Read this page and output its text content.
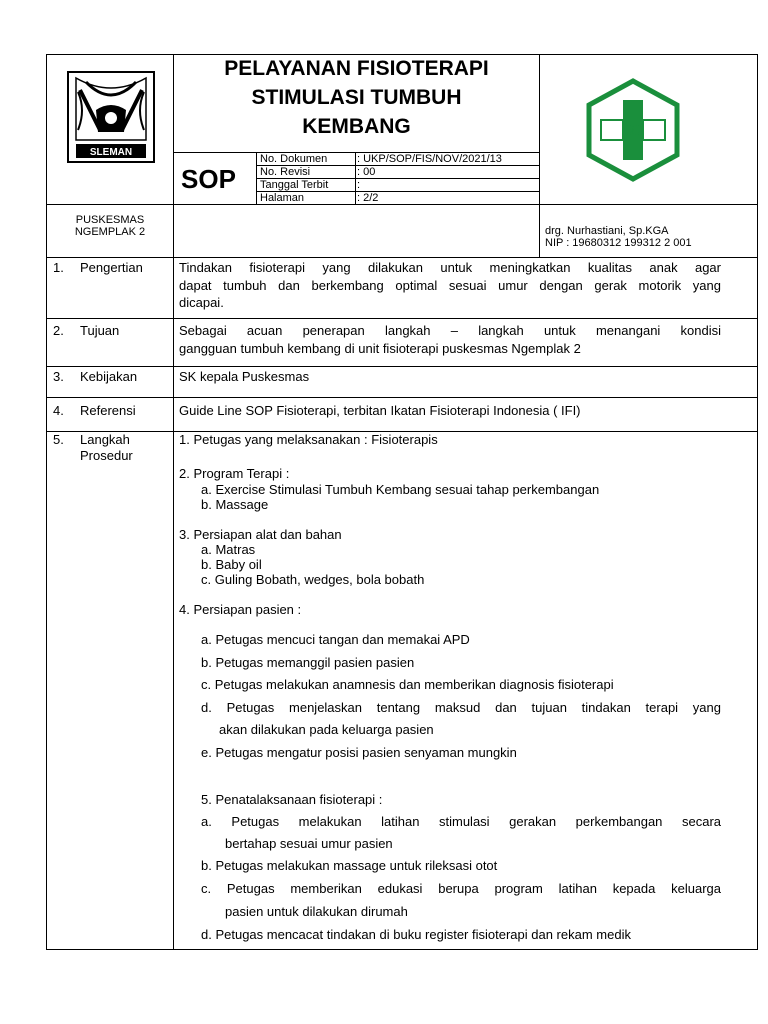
SLEMAN
PELAYANAN FISIOTERAPI
STIMULASI TUMBUH
KEMBANG
SOP
No. Dokumen	: UKP/SOP/FIS/NOV/2021/13
No. Revisi	: 00
Tanggal Terbit	:
Halaman	: 2/2
PUSKESMAS
NGEMPLAK 2	drg. Nurhastiani, Sp.KGA
NIP : 19680312 199312 2 001
1. Pengertian	Tindakan fisioterapi yang dilakukan untuk meningkatkan kualitas anak agar
dapat tumbuh dan berkembang optimal sesuai umur dengan gerak motorik yang
dicapai.
2. Tujuan	Sebagai acuan penerapan langkah – langkah untuk menangani kondisi
gangguan tumbuh kembang di unit fisioterapi puskesmas Ngemplak 2
3. Kebijakan	SK kepala Puskesmas
4. Referensi	Guide Line SOP Fisioterapi, terbitan Ikatan Fisioterapi Indonesia ( IFI)
5. Langkah
Prosedur
1. Petugas yang melaksanakan : Fisioterapis
2. Program Terapi :
a. Exercise Stimulasi Tumbuh Kembang sesuai tahap perkembangan
b. Massage
3. Persiapan alat dan bahan
a. Matras
b. Baby oil
c. Guling Bobath, wedges, bola bobath
4. Persiapan pasien :
a. Petugas mencuci tangan dan memakai APD
b. Petugas memanggil pasien pasien
c. Petugas melakukan anamnesis dan memberikan diagnosis fisioterapi
d. Petugas menjelaskan tentang maksud dan tujuan tindakan terapi yang
akan dilakukan pada keluarga pasien
e. Petugas mengatur posisi pasien senyaman mungkin
5. Penatalaksanaan fisioterapi :
a. Petugas melakukan latihan stimulasi gerakan perkembangan secara
bertahap sesuai umur pasien
b. Petugas melakukan massage untuk rileksasi otot
c. Petugas memberikan edukasi berupa program latihan kepada keluarga
pasien untuk dilakukan dirumah
d. Petugas mencacat tindakan di buku register fisioterapi dan rekam medik
